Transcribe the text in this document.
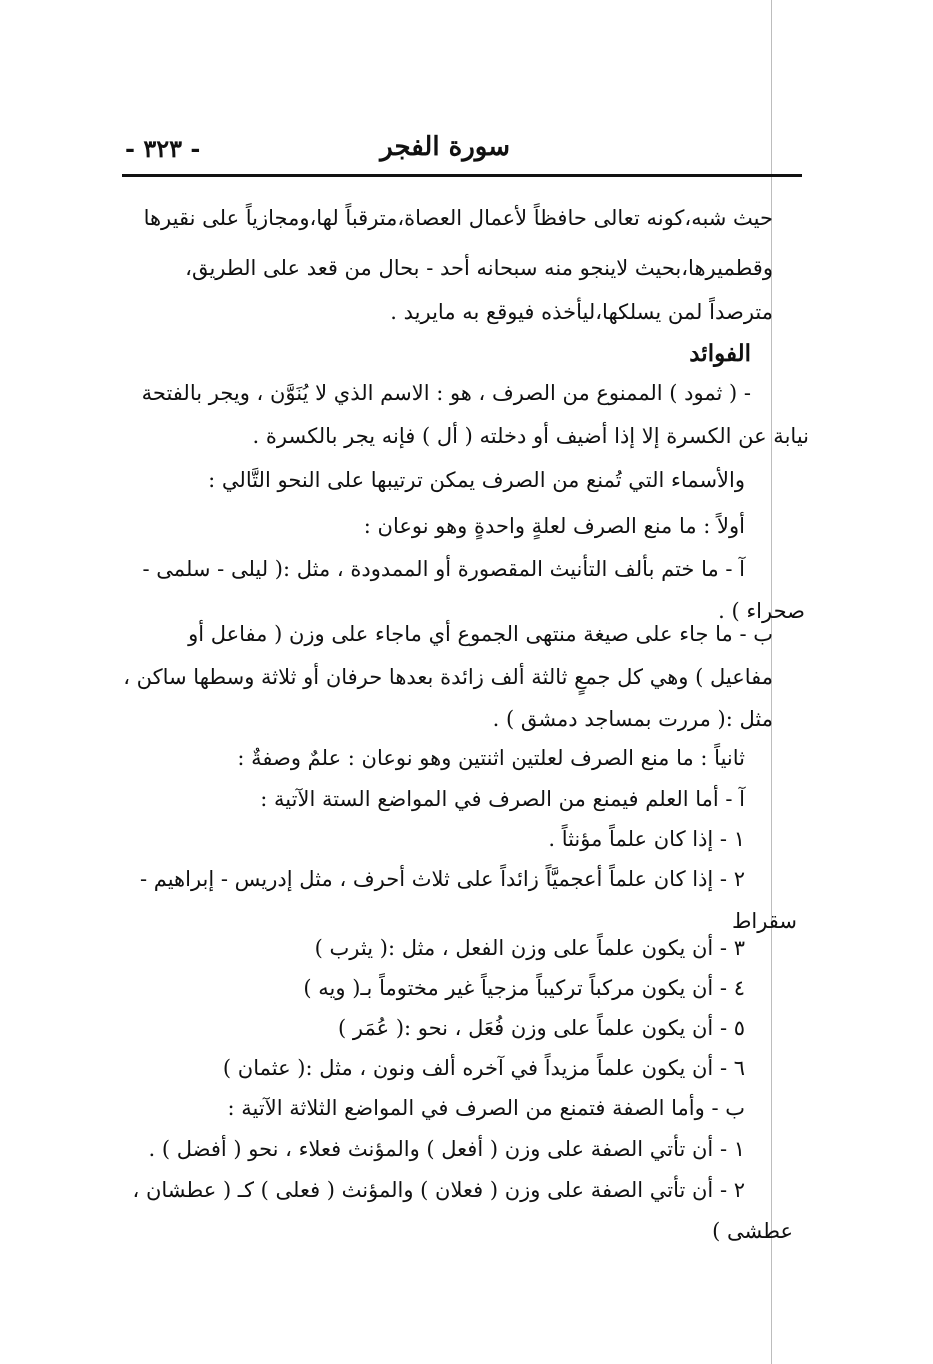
- ٣٢٣ -	سورة الفجر
حيث شبه،كونه تعالى حافظاً لأعمال العصاة،مترقباً لها،ومجازياً على نقيرها
وقطميرها،بحيث لاينجو منه سبحانه أحد - بحال من قعد على الطريق،
مترصداً لمن يسلكها،ليأخذه فيوقع به مايريد .
الفوائد
- ( ثمود ) الممنوع من الصرف ، هو : الاسم الذي لا يُنَوَّن ، ويجر بالفتحة
نيابة عن الكسرة إلا إذا أضيف أو دخلته ( أل ) فإنه يجر بالكسرة .
والأسماء التي تُمنع من الصرف يمكن ترتيبها على النحو التَّالي :
أولاً : ما منع الصرف لعلةٍ واحدةٍ وهو نوعان :
آ - ما ختم بألف التأنيث المقصورة أو الممدودة ، مثل :( ليلى - سلمى -
صحراء ) .
ب - ما جاء على صيغة منتهى الجموع أي ماجاء على وزن ( مفاعل أو
مفاعيل ) وهي كل جمعٍ ثالثة ألف زائدة بعدها حرفان أو ثلاثة وسطها ساكن ،
مثل :( مررت بمساجد دمشق ) .
ثانياً : ما منع الصرف لعلتين اثنتين وهو نوعان : علمٌ وصفةٌ :
آ - أما العلم فيمنع من الصرف في المواضع الستة الآتية :
١ - إذا كان علماً مؤنثاً .
٢ - إذا كان علماً أعجميَّاً زائداً على ثلاث أحرف ، مثل إدريس - إبراهيم -
سقراط
٣ - أن يكون علماً على وزن الفعل ، مثل :( يثرب )
٤ - أن يكون مركباً تركيباً مزجياً غير مختوماً بـ( ويه )
٥ - أن يكون علماً على وزن فُعَل ، نحو :( عُمَر )
٦ - أن يكون علماً مزيداً في آخره ألف ونون ، مثل :( عثمان )
ب - وأما الصفة فتمنع من الصرف في المواضع الثلاثة الآتية :
١ - أن تأتي الصفة على وزن ( أفعل ) والمؤنث فعلاء ، نحو ( أفضل ) .
٢ - أن تأتي الصفة على وزن ( فعلان ) والمؤنث ( فعلى ) كـ ( عطشان ،
عطشى )
